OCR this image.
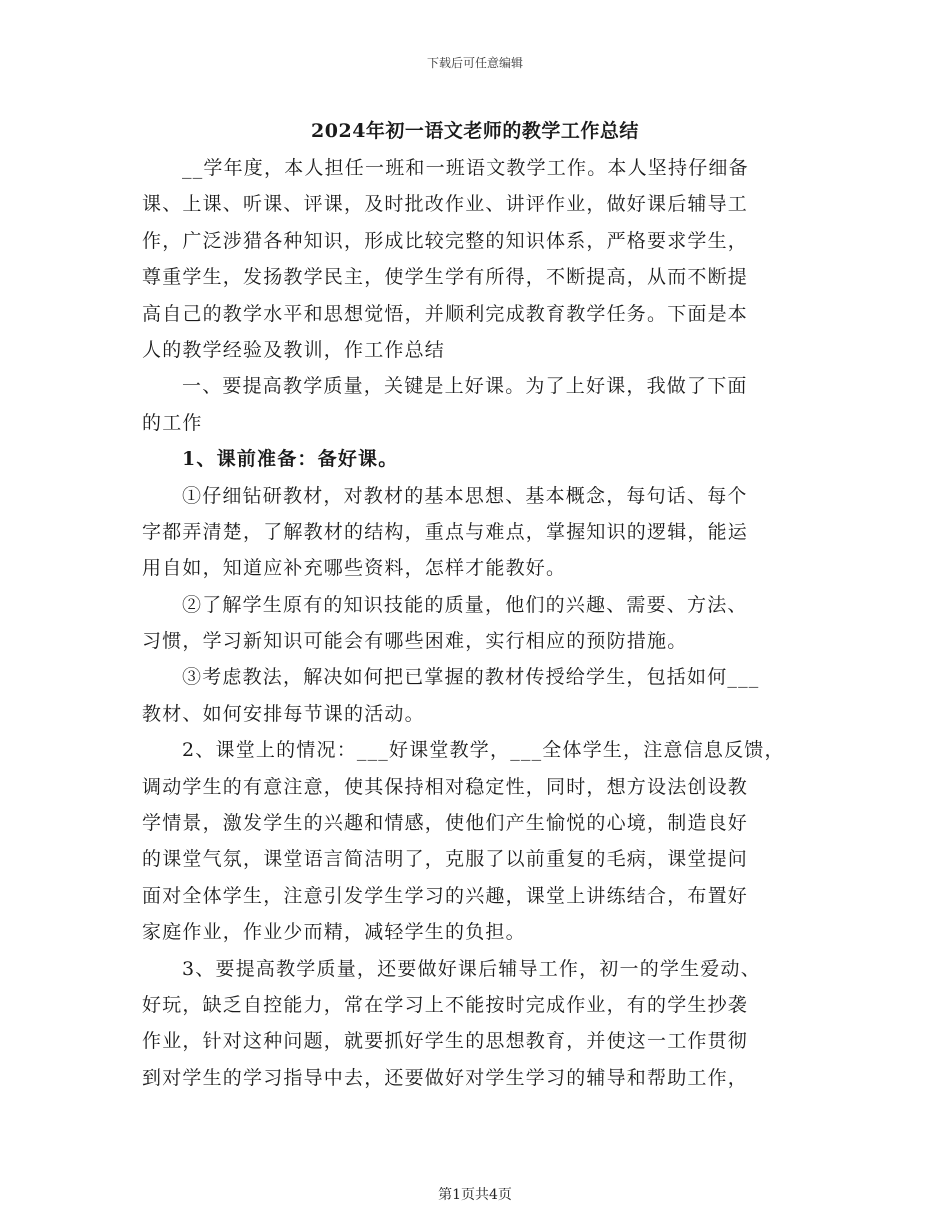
下载后可任意编辑
2024年初一语文老师的教学工作总结
__学年度，本人担任一班和一班语文教学工作。本人坚持仔细备
课、上课、听课、评课，及时批改作业、讲评作业，做好课后辅导工
作，广泛涉猎各种知识，形成比较完整的知识体系，严格要求学生，
尊重学生，发扬教学民主，使学生学有所得，不断提高，从而不断提
高自己的教学水平和思想觉悟，并顺利完成教育教学任务。下面是本
人的教学经验及教训，作工作总结
一、要提高教学质量，关键是上好课。为了上好课，我做了下面
的工作
1、课前准备：备好课。
①仔细钻研教材，对教材的基本思想、基本概念，每句话、每个
字都弄清楚，了解教材的结构，重点与难点，掌握知识的逻辑，能运
用自如，知道应补充哪些资料，怎样才能教好。
②了解学生原有的知识技能的质量，他们的兴趣、需要、方法、
习惯，学习新知识可能会有哪些困难，实行相应的预防措施。
③考虑教法，解决如何把已掌握的教材传授给学生，包括如何___
教材、如何安排每节课的活动。
2、课堂上的情况：___好课堂教学，___全体学生，注意信息反馈，
调动学生的有意注意，使其保持相对稳定性，同时，想方设法创设教
学情景，激发学生的兴趣和情感，使他们产生愉悦的心境，制造良好
的课堂气氛，课堂语言简洁明了，克服了以前重复的毛病，课堂提问
面对全体学生，注意引发学生学习的兴趣，课堂上讲练结合，布置好
家庭作业，作业少而精，减轻学生的负担。
3、要提高教学质量，还要做好课后辅导工作，初一的学生爱动、
好玩，缺乏自控能力，常在学习上不能按时完成作业，有的学生抄袭
作业，针对这种问题，就要抓好学生的思想教育，并使这一工作贯彻
到对学生的学习指导中去，还要做好对学生学习的辅导和帮助工作，
第1页共4页
